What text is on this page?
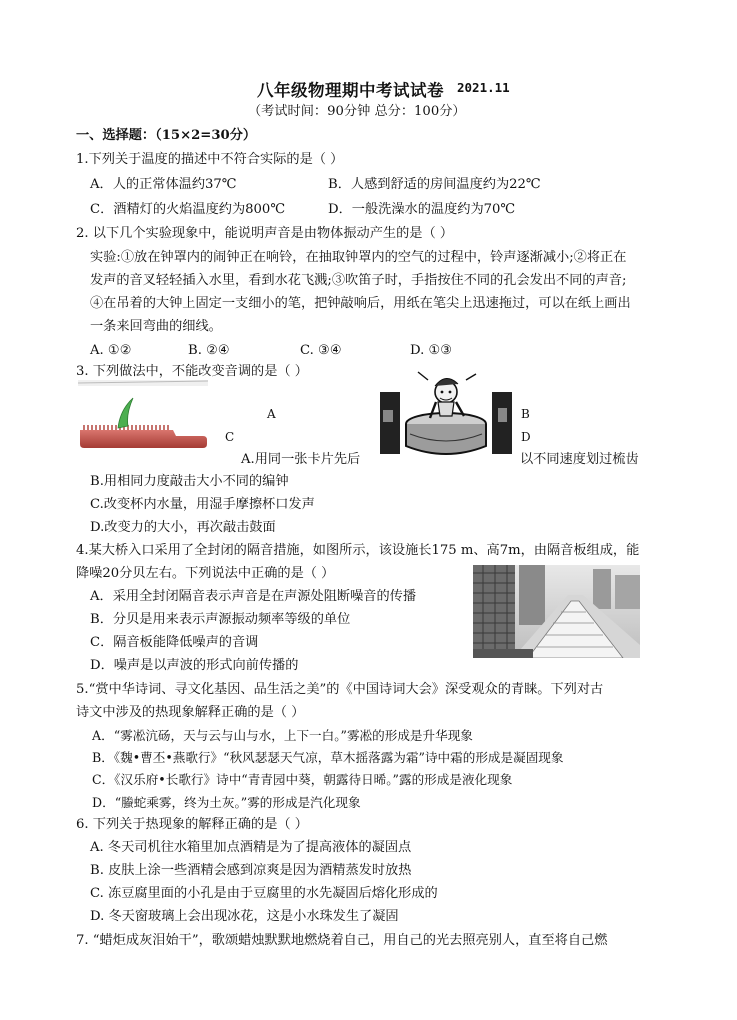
八年级物理期中考试试卷 2021.11
（考试时间：90分钟 总分：100分）
一、选择题：（15×2=30分）
1.下列关于温度的描述中不符合实际的是（ ）
A．人的正常体温约37℃	B．人感到舒适的房间温度约为22℃
C．酒精灯的火焰温度约为800℃	D．一般洗澡水的温度约为70℃
2. 以下几个实验现象中，能说明声音是由物体振动产生的是（ ）
实验:①放在钟罩内的闹钟正在响铃，在抽取钟罩内的空气的过程中，铃声逐渐减小;②将正在
发声的音叉轻轻插入水里，看到水花飞溅;③吹笛子时，手指按住不同的孔会发出不同的声音;
④在吊着的大钟上固定一支细小的笔，把钟敲响后，用纸在笔尖上迅速拖过，可以在纸上画出
一条来回弯曲的细线。
A. ①②	B. ②④	C. ③④	D. ①③
3. 下列做法中，不能改变音调的是（ ）
A
C
B
D
A.用同一张卡片先后	以不同速度划过梳齿
B.用相同力度敲击大小不同的编钟
C.改变杯内水量，用湿手摩擦杯口发声
D.改变力的大小，再次敲击鼓面
4.某大桥入口采用了全封闭的隔音措施，如图所示，该设施长175 m、高7m，由隔音板组成，能
降噪20分贝左右。下列说法中正确的是（ ）
A．采用全封闭隔音表示声音是在声源处阻断噪音的传播
B．分贝是用来表示声源振动频率等级的单位
C．隔音板能降低噪声的音调
D．噪声是以声波的形式向前传播的
5.“赏中华诗词、寻文化基因、品生活之美”的《中国诗词大会》深受观众的青睐。下列对古
诗文中涉及的热现象解释正确的是（ ）
A．“雾凇沆砀，天与云与山与水，上下一白。”雾凇的形成是升华现象
B．《魏•曹丕•燕歌行》“秋风瑟瑟天气凉，草木摇落露为霜”诗中霜的形成是凝固现象
C．《汉乐府•长歌行》诗中“青青园中葵，朝露待日晞。”露的形成是液化现象
D．“螣蛇乘雾，终为土灰。”雾的形成是汽化现象
6. 下列关于热现象的解释正确的是（ ）
A. 冬天司机往水箱里加点酒精是为了提高液体的凝固点
B. 皮肤上涂一些酒精会感到凉爽是因为酒精蒸发时放热
C. 冻豆腐里面的小孔是由于豆腐里的水先凝固后熔化形成的
D. 冬天窗玻璃上会出现冰花，这是小水珠发生了凝固
7. “蜡炬成灰泪始干”，歌颂蜡烛默默地燃烧着自己，用自己的光去照亮别人，直至将自己燃
